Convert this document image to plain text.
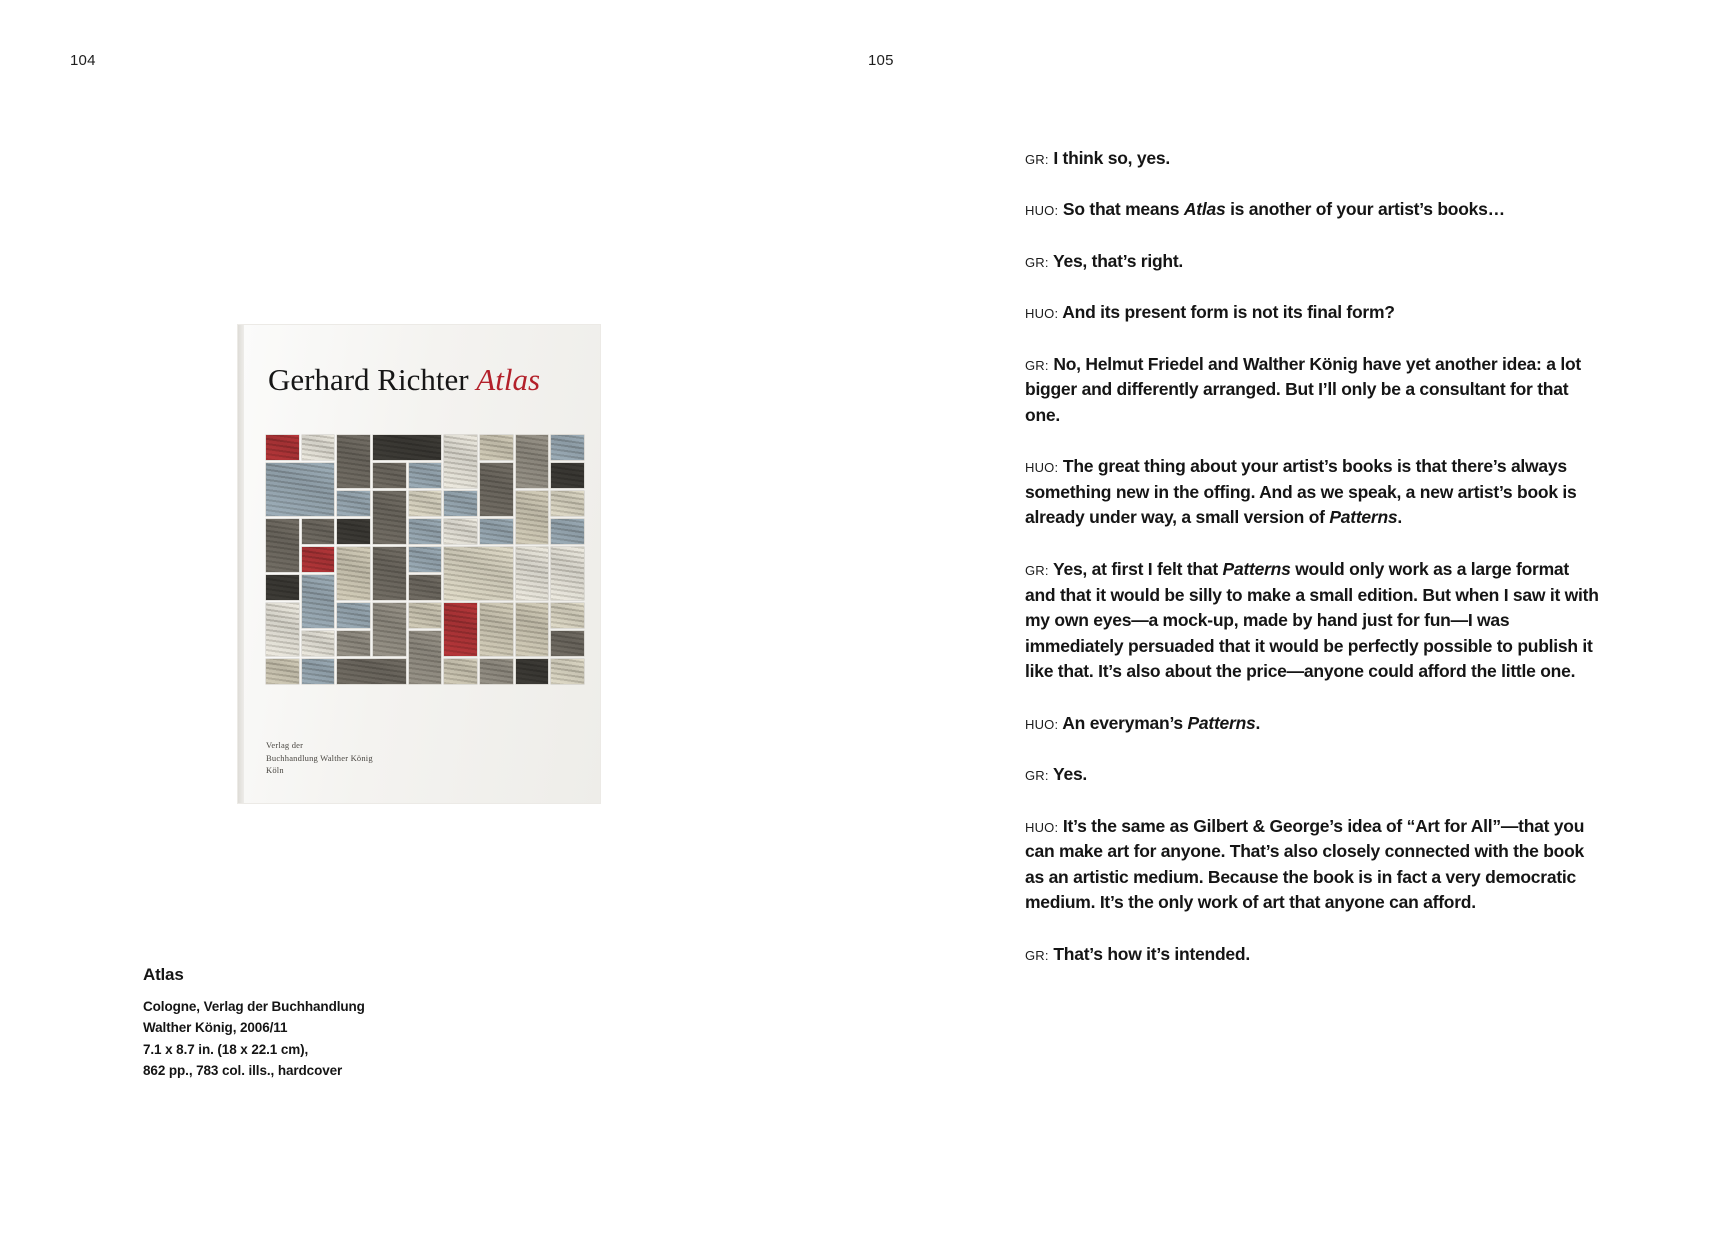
104
Gerhard Richter Atlas
Verlag der
Buchhandlung Walther König
Köln
Atlas
Cologne, Verlag der Buchhandlung
Walther König, 2006/11
7.1 x 8.7 in. (18 x 22.1 cm),
862 pp., 783 col. ills., hardcover
105

GR: I think so, yes.

HUO: So that means Atlas is another of your artist’s books…

GR: Yes, that’s right.

HUO: And its present form is not its final form?

GR: No, Helmut Friedel and Walther König have yet another idea: a lot bigger and differently arranged. But I’ll only be a consultant for that one.

HUO: The great thing about your artist’s books is that there’s always something new in the offing. And as we speak, a new artist’s book is already under way, a small version of Patterns.

GR: Yes, at first I felt that Patterns would only work as a large format and that it would be silly to make a small edition. But when I saw it with my own eyes—a mock-up, made by hand just for fun—I was immediately persuaded that it would be perfectly possible to publish it like that. It’s also about the price—anyone could afford the little one.

HUO: An everyman’s Patterns.

GR: Yes.

HUO: It’s the same as Gilbert & George’s idea of “Art for All”—that you can make art for anyone. That’s also closely connected with the book as an artistic medium. Because the book is in fact a very democratic medium. It’s the only work of art that anyone can afford.

GR: That’s how it’s intended.
